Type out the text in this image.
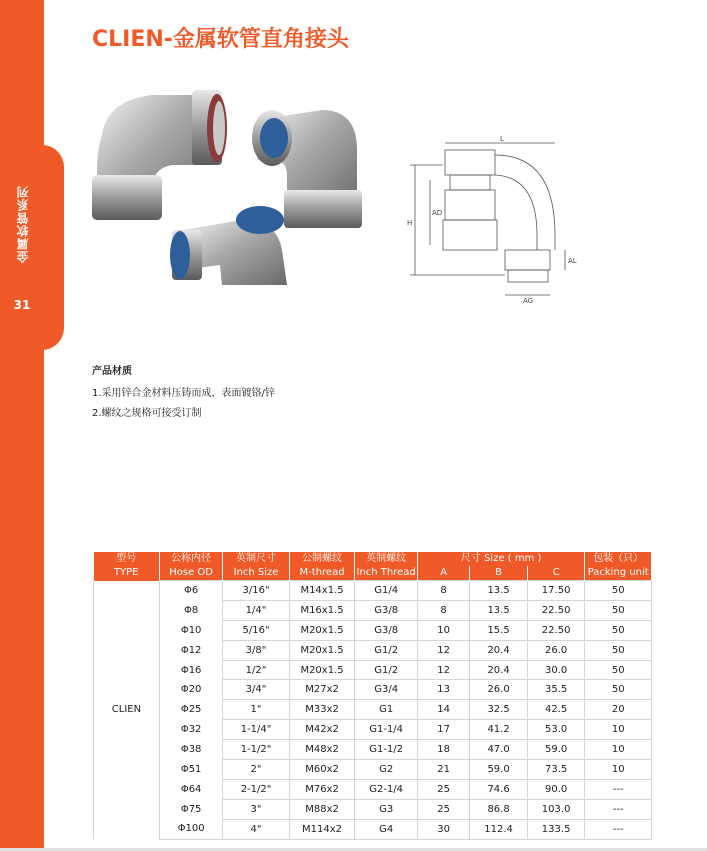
金属软管系列
31
Dongguan Chaoli Machinery Technology Co., Ltd.
CLIEN-金属软管直角接头
L
AD
H
AG
AL
产品材质
1.采用锌合金材料压铸而成，表面镀铬/锌
2.螺纹之规格可接受订制
型号
TYPE	公称内径
Hose OD	英制尺寸
Inch Size	公制螺纹
M-thread	英制螺纹
Inch Thread	尺寸 Size ( mm )			包装（只）
Packing unit
					A	B	C	
CLIEN	Φ6	3/16"	M14x1.5	G1/4	8	13.5	17.50	50
	Φ8	1/4"	M16x1.5	G3/8	8	13.5	22.50	50
	Φ10	5/16"	M20x1.5	G3/8	10	15.5	22.50	50
	Φ12	3/8"	M20x1.5	G1/2	12	20.4	26.0	50
	Φ16	1/2"	M20x1.5	G1/2	12	20.4	30.0	50
	Φ20	3/4"	M27x2	G3/4	13	26.0	35.5	50
	Φ25	1"	M33x2	G1	14	32.5	42.5	20
	Φ32	1-1/4"	M42x2	G1-1/4	17	41.2	53.0	10
	Φ38	1-1/2"	M48x2	G1-1/2	18	47.0	59.0	10
	Φ51	2"	M60x2	G2	21	59.0	73.5	10
	Φ64	2-1/2"	M76x2	G2-1/4	25	74.6	90.0	---
	Φ75	3"	M88x2	G3	25	86.8	103.0	---
	Φ100	4"	M114x2	G4	30	112.4	133.5	---
